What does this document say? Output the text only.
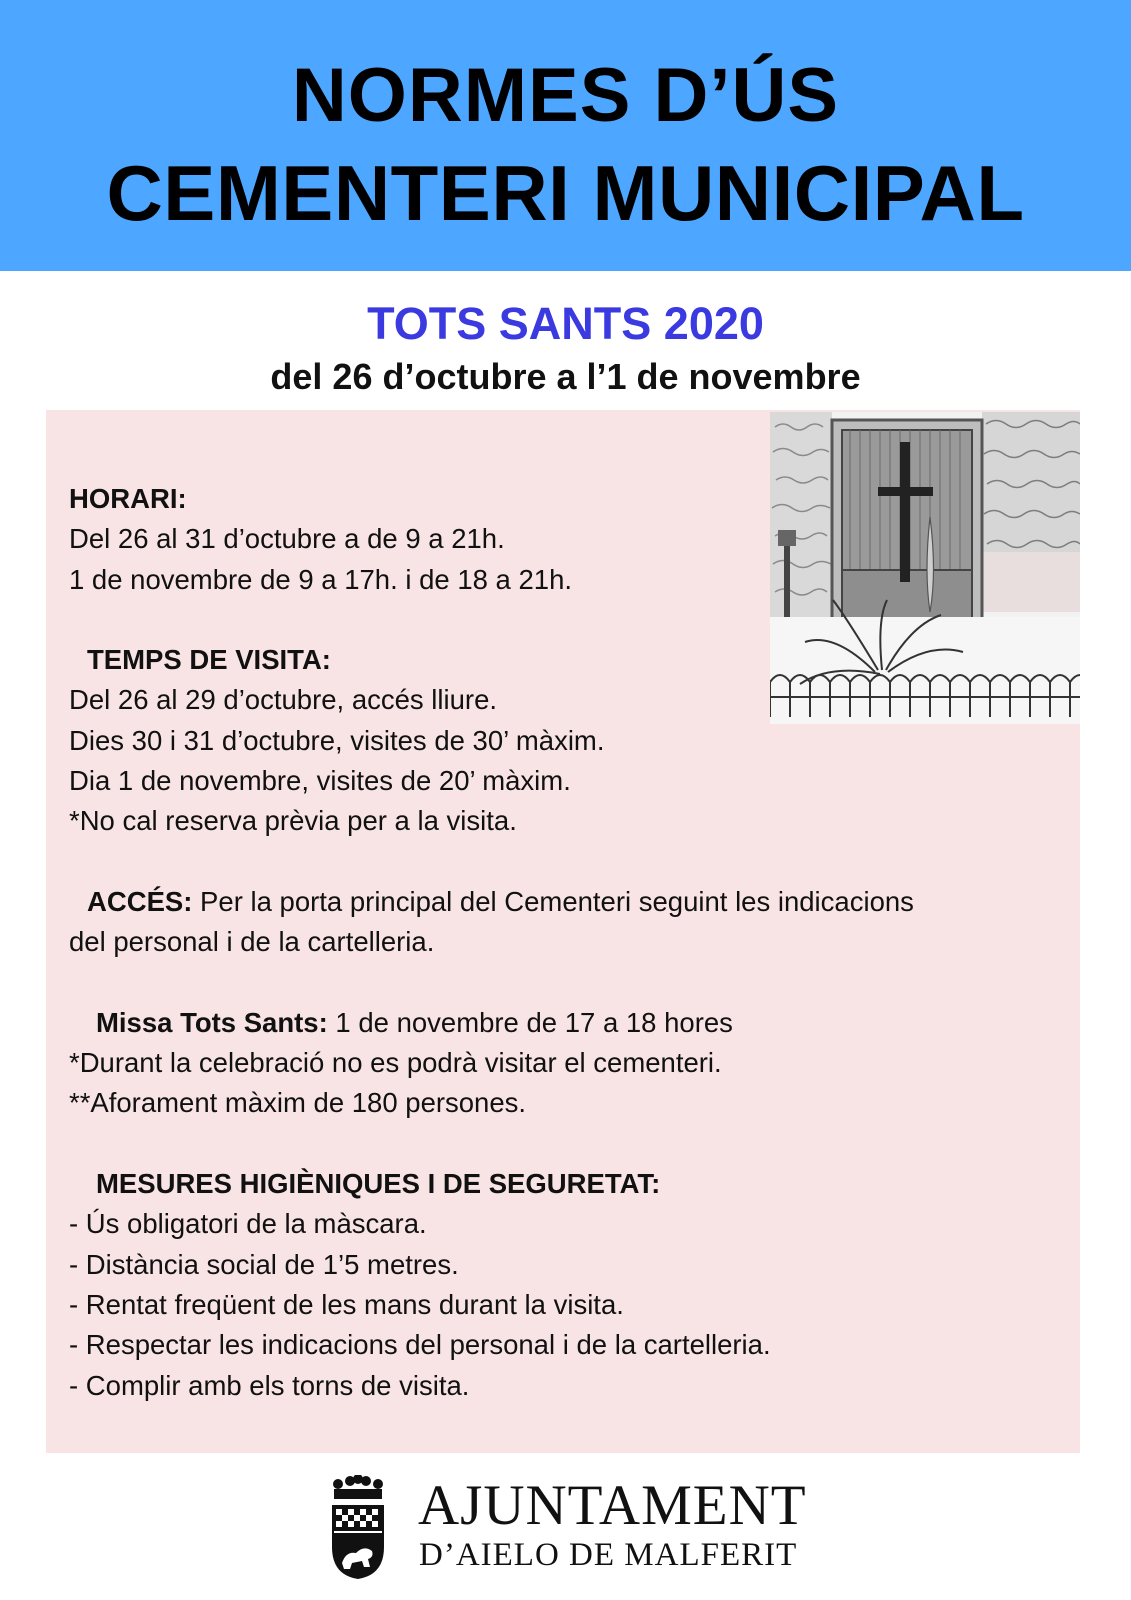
NORMES D’ÚS
CEMENTERI MUNICIPAL
TOTS SANTS 2020
del 26 d’octubre a l’1 de novembre
HORARI:
Del 26 al 31 d’octubre a de 9 a 21h.
1 de novembre de 9 a 17h. i de 18 a 21h.
TEMPS DE VISITA:
Del 26 al 29 d’octubre, accés lliure.
Dies 30 i 31 d’octubre, visites de 30’ màxim.
Dia 1 de novembre, visites de 20’ màxim.
*No cal reserva prèvia per a la visita.
ACCÉS: Per la porta principal del Cementeri seguint les indicacions
del personal i de la cartelleria.
Missa Tots Sants: 1 de novembre de 17 a 18 hores
*Durant la celebració no es podrà visitar el cementeri.
**Aforament màxim de 180 persones.
MESURES HIGIÈNIQUES I DE SEGURETAT:
- Ús obligatori de la màscara.
- Distància social de 1’5 metres.
- Rentat freqüent de les mans durant la visita.
- Respectar les indicacions del personal i de la cartelleria.
- Complir amb els torns de visita.
AJUNTAMENT
D’AIELO DE MALFERIT
